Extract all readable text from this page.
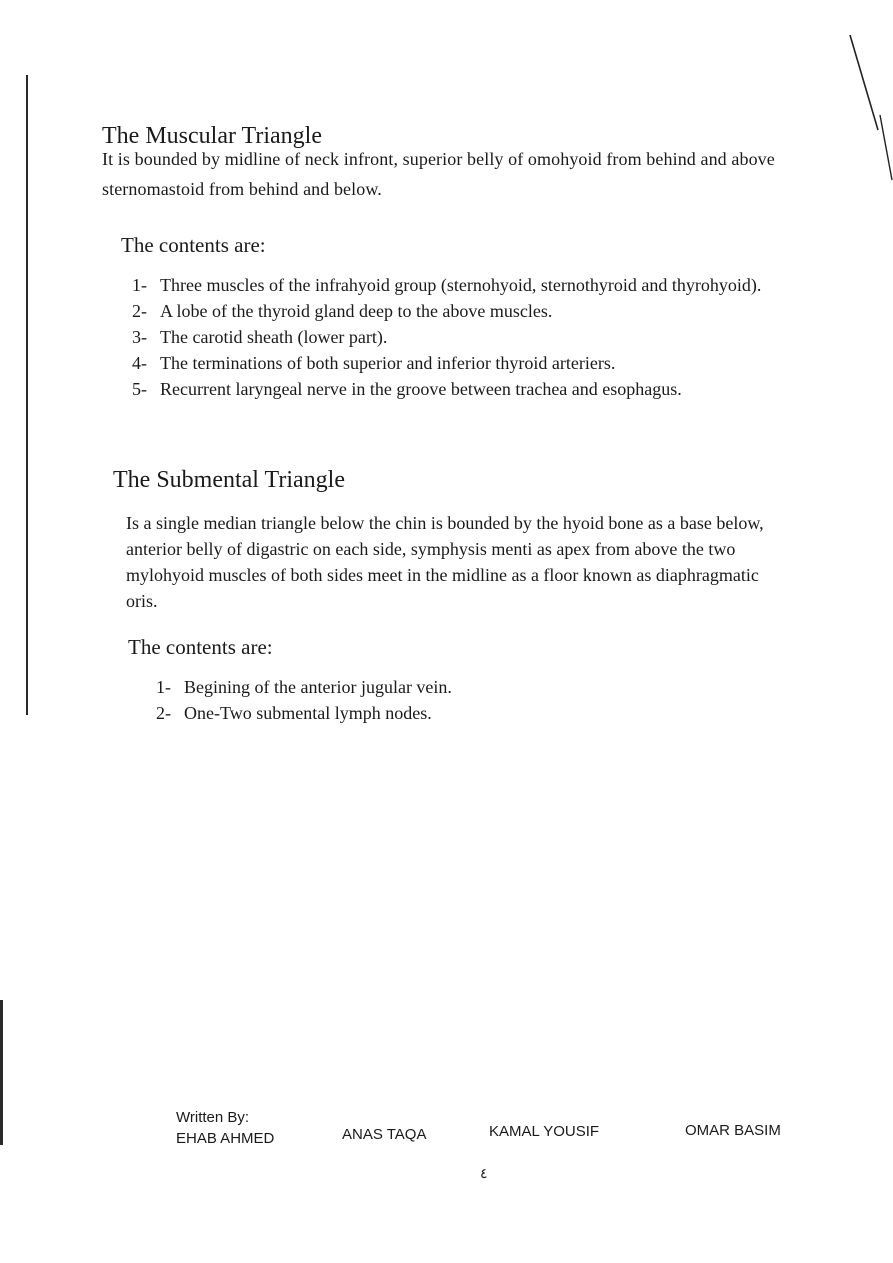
The Muscular Triangle
It is bounded by midline of neck infront, superior belly of omohyoid from behind and above sternomastoid from behind and below.
The contents are:
1- Three muscles of the infrahyoid group (sternohyoid, sternothyroid and thyrohyoid).
2- A lobe of the thyroid gland deep to the above muscles.
3- The carotid sheath (lower part).
4- The terminations of both superior and inferior thyroid arteriers.
5- Recurrent laryngeal nerve in the groove between trachea and esophagus.
The Submental Triangle
Is a single median triangle below the chin is bounded by the hyoid bone as a base below, anterior belly of digastric on each side, symphysis menti as apex from above the two mylohyoid muscles of both sides meet in the midline as a floor known as diaphragmatic oris.
The contents are:
1- Begining of the anterior jugular vein.
2- One-Two submental lymph nodes.
Written By:
EHAB AHMED	ANAS TAQA	KAMAL YOUSIF	OMAR BASIM
٤
